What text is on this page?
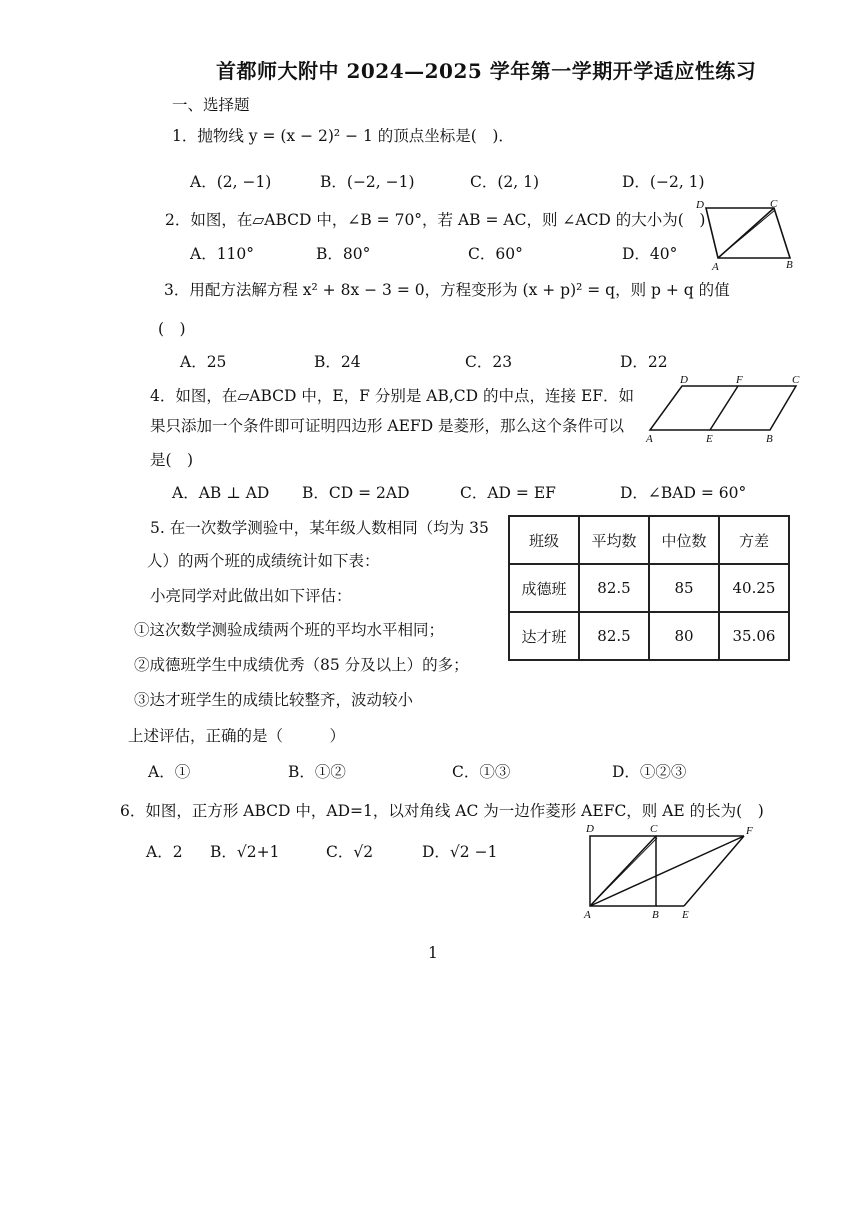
首都师大附中 2024—2025 学年第一学期开学适应性练习
一、选择题
1．抛物线 y = (x − 2)² − 1 的顶点坐标是(　)．
A．(2, −1)	B．(−2, −1)	C．(2, 1)	D．(−2, 1)
2．如图，在▱ABCD 中，∠B = 70°，若 AB = AC，则 ∠ACD 的大小为(　)
A．110°	B．80°	C．60°	D．40°
D	C
A	B
3．用配方法解方程 x² + 8x − 3 = 0，方程变形为 (x + p)² = q，则 p + q 的值
(　)
A．25	B．24	C．23	D．22
4．如图，在▱ABCD 中，E，F 分别是 AB,CD 的中点，连接 EF．如
果只添加一个条件即可证明四边形 AEFD 是菱形，那么这个条件可以
是(　)
A．AB ⊥ AD B．CD = 2AD	C．AD = EF	D．∠BAD = 60°
D	F	C
A	E	B
5. 在一次数学测验中，某年级人数相同（均为 35
人）的两个班的成绩统计如下表：
小亮同学对此做出如下评估：
①这次数学测验成绩两个班的平均水平相同；
②成德班学生中成绩优秀（85 分及以上）的多；
③达才班学生的成绩比较整齐，波动较小
上述评估，正确的是（　　　）
A．①	B．①②	C．①③	D．①②③
班级	平均数	中位数	方差
成德班	82.5	85	40.25
达才班	82.5	80	35.06
6．如图，正方形 ABCD 中，AD=1，以对角线 AC 为一边作菱形 AEFC，则 AE 的长为(　)
A．2 B．√2+1	C．√2	D．√2 −1
D	C	F
A	B E
1
